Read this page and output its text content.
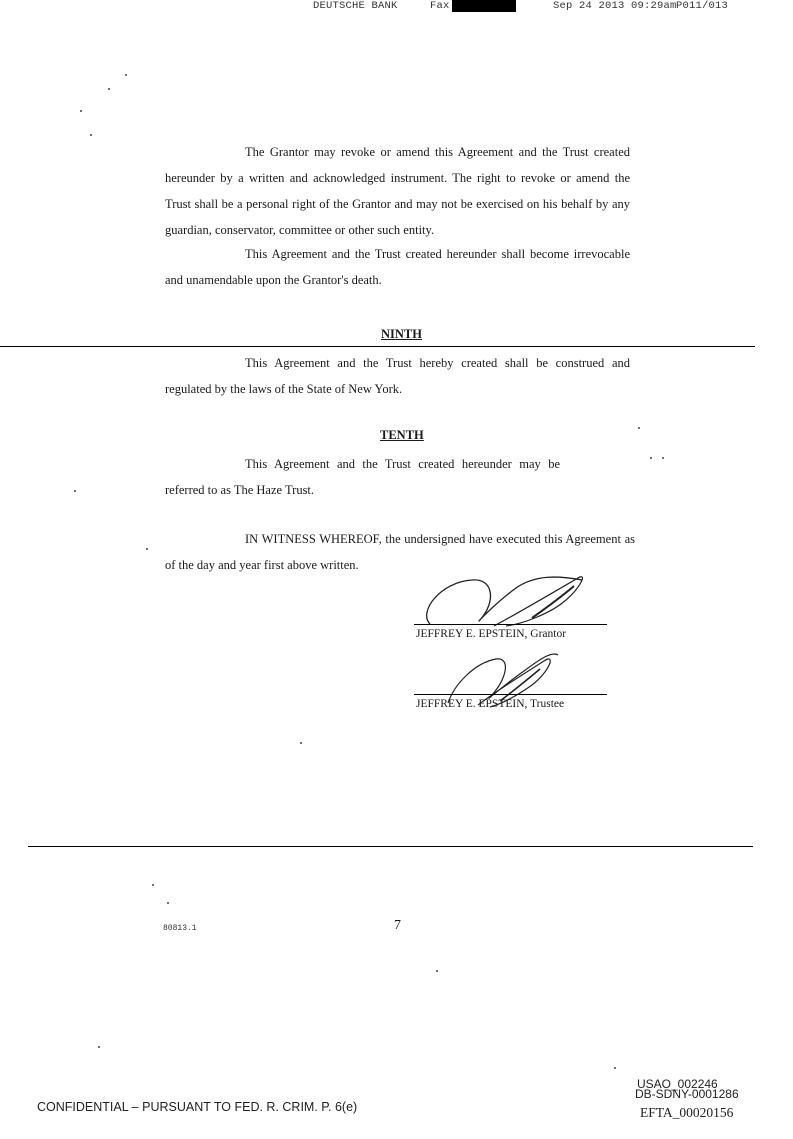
DEUTSCHE BANK	Fax	Sep 24 2013 09:29am P011/013
The Grantor may revoke or amend this Agreement and the Trust created hereunder by a written and acknowledged instrument. The right to revoke or amend the Trust shall be a personal right of the Grantor and may not be exercised on his behalf by any guardian, conservator, committee or other such entity.
This Agreement and the Trust created hereunder shall become irrevocable and unamendable upon the Grantor's death.
NINTH
This Agreement and the Trust hereby created shall be construed and regulated by the laws of the State of New York.
TENTH
This Agreement and the Trust created hereunder may be referred to as The Haze Trust.
IN WITNESS WHEREOF, the undersigned have executed this Agreement as of the day and year first above written.
JEFFREY E. EPSTEIN, Grantor
JEFFREY E. EPSTEIN, Trustee
80813.1	7
CONFIDENTIAL – PURSUANT TO FED. R. CRIM. P. 6(e)
USAO_002246
DB-SDNY-0001286
EFTA_00020156
